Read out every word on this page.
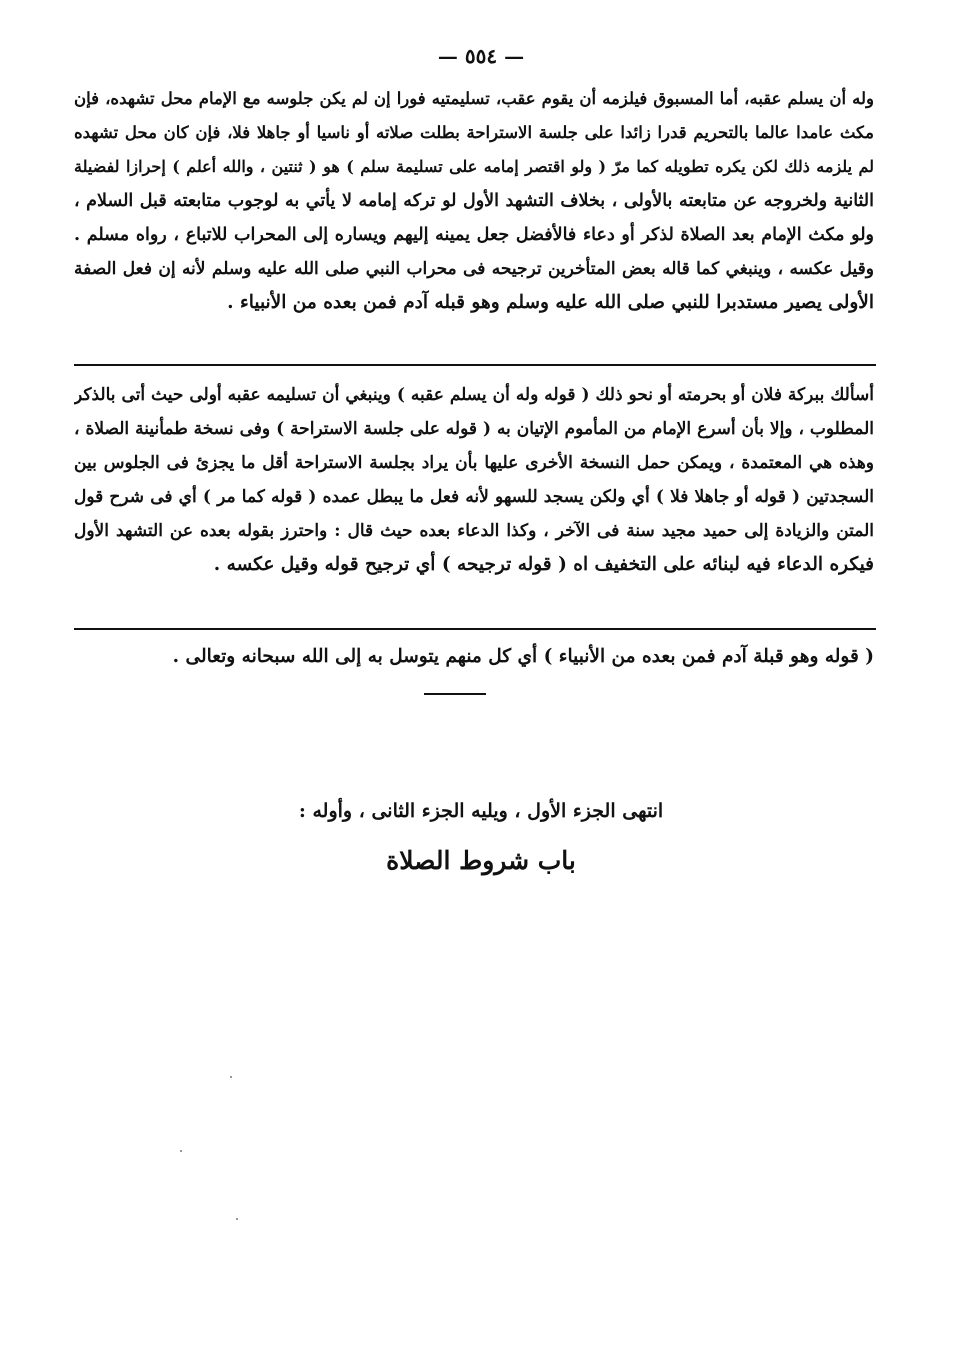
— ٥٥٤ —
وله أن يسلم عقبه، أما المسبوق فيلزمه أن يقوم عقب، تسليمتيه فورا إن لم يكن جلوسه مع الإمام محل تشهده، فإن
مكث عامدا عالما بالتحريم قدرا زائدا على جلسة الاستراحة بطلت صلاته أو ناسيا أو جاهلا فلا، فإن كان محل تشهده
لم يلزمه ذلك لكن يكره تطويله كما مرّ ( ولو اقتصر إمامه على تسليمة سلم ) هو ( ثنتين ، والله أعلم ) إحرازا لفضيلة
الثانية ولخروجه عن متابعته بالأولى ، بخلاف التشهد الأول لو تركه إمامه لا يأتي به لوجوب متابعته قبل السلام ،
ولو مكث الإمام بعد الصلاة لذكر أو دعاء فالأفضل جعل يمينه إليهم ويساره إلى المحراب للاتباع ، رواه مسلم .
وقيل عكسه ، وينبغي كما قاله بعض المتأخرين ترجيحه فى محراب النبي صلى الله عليه وسلم لأنه إن فعل الصفة
الأولى يصير مستدبرا للنبي صلى الله عليه وسلم وهو قبله آدم فمن بعده من الأنبياء .
أسألك ببركة فلان أو بحرمته أو نحو ذلك ( قوله وله أن يسلم عقبه ) وينبغي أن تسليمه عقبه أولى حيث أتى بالذكر
المطلوب ، وإلا بأن أسرع الإمام من المأموم الإتيان به ( قوله على جلسة الاستراحة ) وفى نسخة طمأنينة الصلاة ،
وهذه هي المعتمدة ، ويمكن حمل النسخة الأخرى عليها بأن يراد بجلسة الاستراحة أقل ما يجزئ فى الجلوس بين
السجدتين ( قوله أو جاهلا فلا ) أي ولكن يسجد للسهو لأنه فعل ما يبطل عمده ( قوله كما مر ) أي فى شرح قول
المتن والزيادة إلى حميد مجيد سنة فى الآخر ، وكذا الدعاء بعده حيث قال : واحترز بقوله بعده عن التشهد الأول
فيكره الدعاء فيه لبنائه على التخفيف اه ( قوله ترجيحه ) أي ترجيح قوله وقيل عكسه .
( قوله وهو قبلة آدم فمن بعده من الأنبياء ) أي كل منهم يتوسل به إلى الله سبحانه وتعالى .
انتهى الجزء الأول ، ويليه الجزء الثانى ، وأوله :
باب شروط الصلاة
